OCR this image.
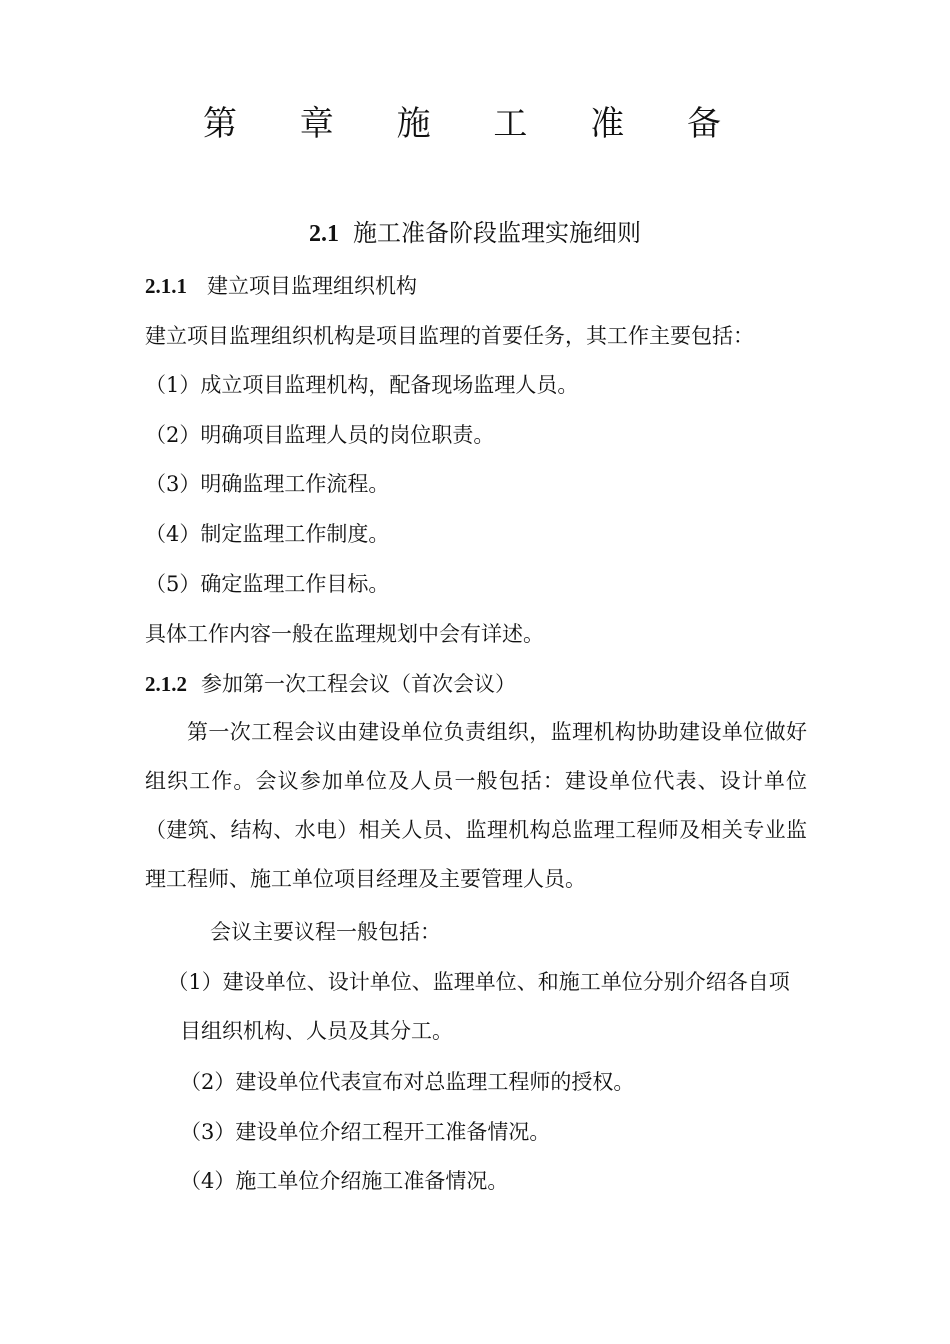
第 章 施 工 准 备
2.1 施工准备阶段监理实施细则
2.1.1 建立项目监理组织机构
建立项目监理组织机构是项目监理的首要任务，其工作主要包括：
（1）成立项目监理机构，配备现场监理人员。
（2）明确项目监理人员的岗位职责。
（3）明确监理工作流程。
（4）制定监理工作制度。
（5）确定监理工作目标。
具体工作内容一般在监理规划中会有详述。
2.1.2 参加第一次工程会议（首次会议）
第一次工程会议由建设单位负责组织，监理机构协助建设单位做好组织工作。会议参加单位及人员一般包括：建设单位代表、设计单位（建筑、结构、水电）相关人员、监理机构总监理工程师及相关专业监理工程师、施工单位项目经理及主要管理人员。
会议主要议程一般包括：
（1）建设单位、设计单位、监理单位、和施工单位分别介绍各自项目组织机构、人员及其分工。
（2）建设单位代表宣布对总监理工程师的授权。
（3）建设单位介绍工程开工准备情况。
（4）施工单位介绍施工准备情况。
